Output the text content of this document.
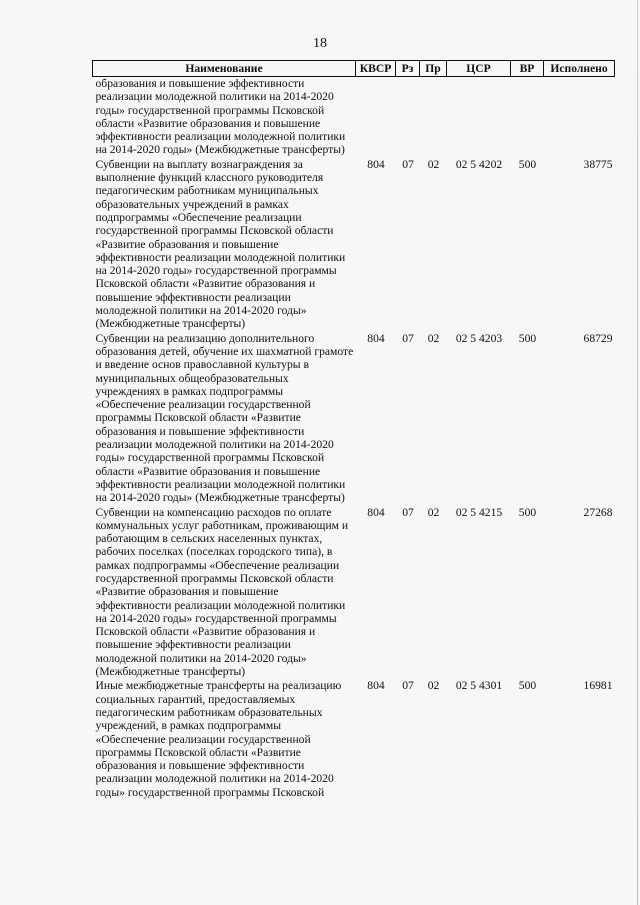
18
Наименование	КВСР	Рз	Пр	ЦСР	ВР	Исполнено
образования и повышение эффективности реализации молодежной политики на 2014-2020 годы» государственной программы Псковской области «Развитие образования и повышение эффективности реализации молодежной политики на 2014-2020 годы» (Межбюджетные трансферты)						
Субвенции на выплату вознаграждения за выполнение функций классного руководителя педагогическим работникам муниципальных образовательных учреждений в рамках подпрограммы «Обеспечение реализации государственной программы Псковской области «Развитие образования и повышение эффективности реализации молодежной политики на 2014-2020 годы» государственной программы Псковской области «Развитие образования и повышение эффективности реализации молодежной политики на 2014-2020 годы» (Межбюджетные трансферты)	804	07	02	02 5 4202	500	38775
Субвенции на реализацию дополнительного образования детей, обучение их шахматной грамоте и введение основ православной культуры в муниципальных общеобразовательных учреждениях в рамках подпрограммы «Обеспечение реализации государственной программы Псковской области «Развитие образования и повышение эффективности реализации молодежной политики на 2014-2020 годы» государственной программы Псковской области «Развитие образования и повышение эффективности реализации молодежной политики на 2014-2020 годы» (Межбюджетные трансферты)	804	07	02	02 5 4203	500	68729
Субвенции на компенсацию расходов по оплате коммунальных услуг работникам, проживающим и работающим в сельских населенных пунктах, рабочих поселках (поселках городского типа), в рамках подпрограммы «Обеспечение реализации государственной программы Псковской области «Развитие образования и повышение эффективности реализации молодежной политики на 2014-2020 годы» государственной программы Псковской области «Развитие образования и повышение эффективности реализации молодежной политики на 2014-2020 годы» (Межбюджетные трансферты)	804	07	02	02 5 4215	500	27268
Иные межбюджетные трансферты на реализацию социальных гарантий, предоставляемых педагогическим работникам образовательных учреждений, в рамках подпрограммы «Обеспечение реализации государственной программы Псковской области «Развитие образования и повышение эффективности реализации молодежной политики на 2014-2020 годы» государственной программы Псковской	804	07	02	02 5 4301	500	16981
